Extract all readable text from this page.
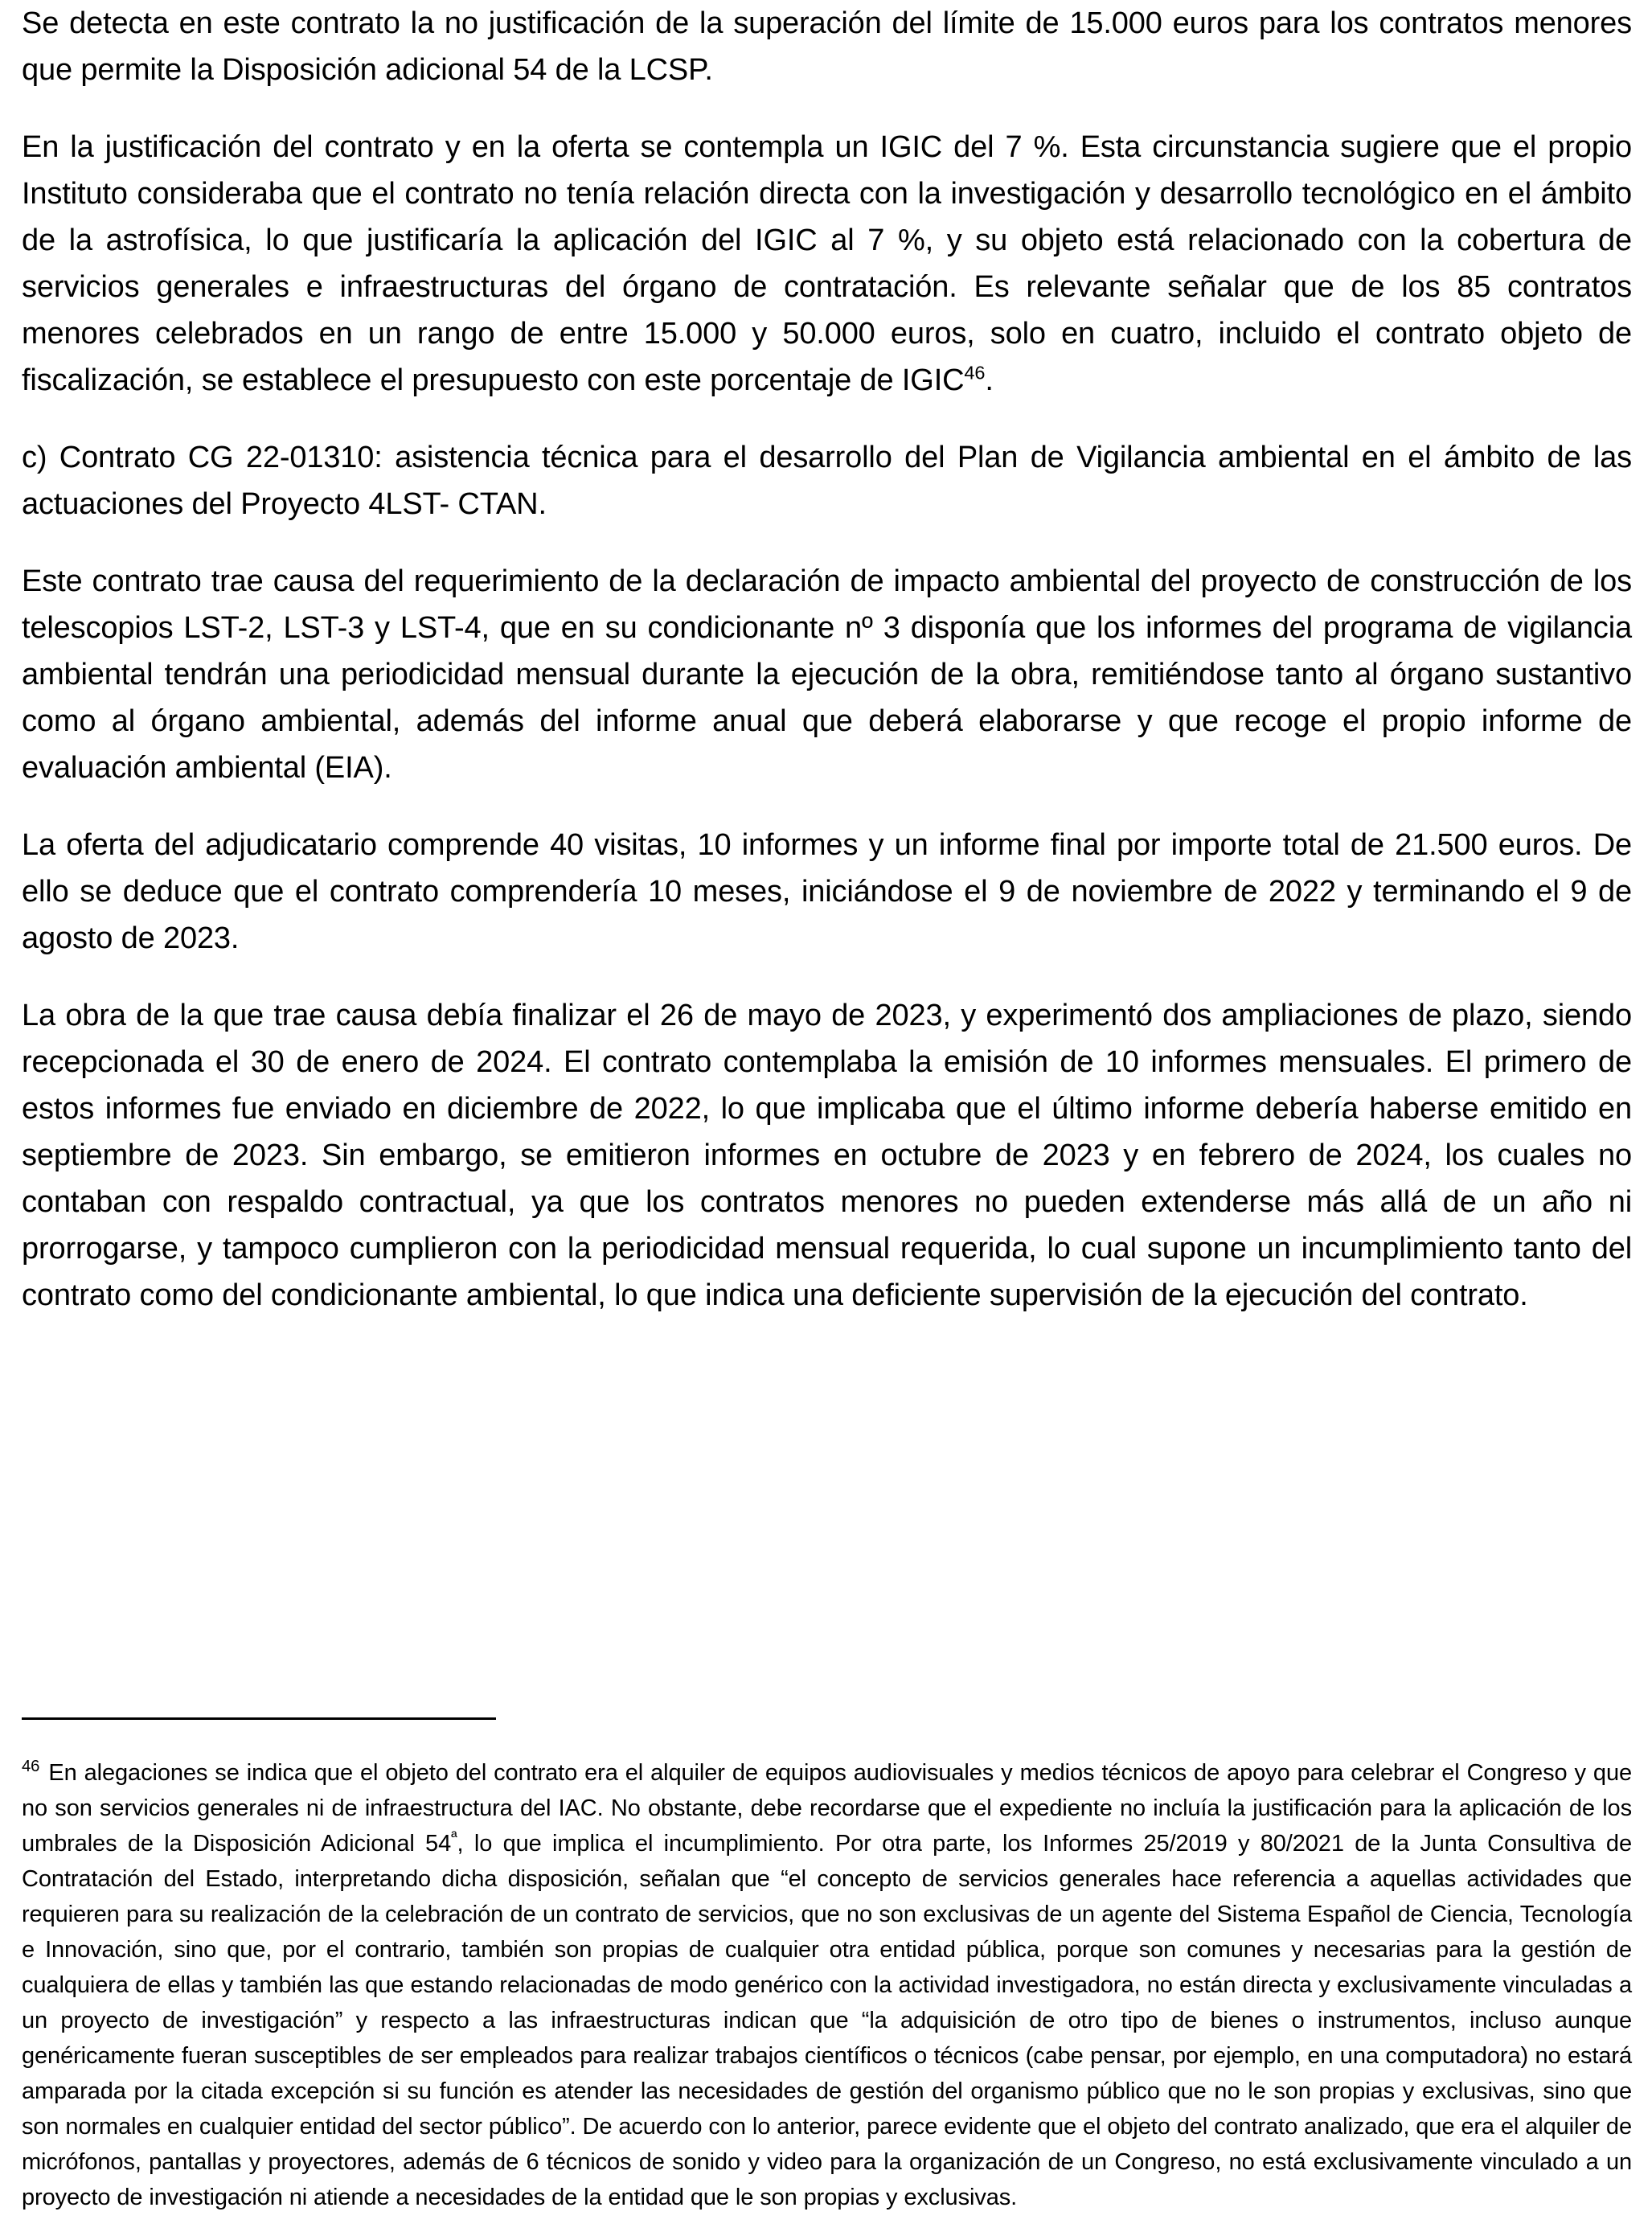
Se detecta en este contrato la no justificación de la superación del límite de 15.000 euros para los contratos menores que permite la Disposición adicional 54 de la LCSP.

En la justificación del contrato y en la oferta se contempla un IGIC del 7 %. Esta circunstancia sugiere que el propio Instituto consideraba que el contrato no tenía relación directa con la investigación y desarrollo tecnológico en el ámbito de la astrofísica, lo que justificaría la aplicación del IGIC al 7 %, y su objeto está relacionado con la cobertura de servicios generales e infraestructuras del órgano de contratación. Es relevante señalar que de los 85 contratos menores celebrados en un rango de entre 15.000 y 50.000 euros, solo en cuatro, incluido el contrato objeto de fiscalización, se establece el presupuesto con este porcentaje de IGIC$^{46}$.

c) Contrato CG 22-01310: asistencia técnica para el desarrollo del Plan de Vigilancia ambiental en el ámbito de las actuaciones del Proyecto 4LST- CTAN.

Este contrato trae causa del requerimiento de la declaración de impacto ambiental del proyecto de construcción de los telescopios LST-2, LST-3 y LST-4, que en su condicionante nº 3 disponía que los informes del programa de vigilancia ambiental tendrán una periodicidad mensual durante la ejecución de la obra, remitiéndose tanto al órgano sustantivo como al órgano ambiental, además del informe anual que deberá elaborarse y que recoge el propio informe de evaluación ambiental (EIA).

La oferta del adjudicatario comprende 40 visitas, 10 informes y un informe final por importe total de 21.500 euros. De ello se deduce que el contrato comprendería 10 meses, iniciándose el 9 de noviembre de 2022 y terminando el 9 de agosto de 2023.

La obra de la que trae causa debía finalizar el 26 de mayo de 2023, y experimentó dos ampliaciones de plazo, siendo recepcionada el 30 de enero de 2024. El contrato contemplaba la emisión de 10 informes mensuales. El primero de estos informes fue enviado en diciembre de 2022, lo que implicaba que el último informe debería haberse emitido en septiembre de 2023. Sin embargo, se emitieron informes en octubre de 2023 y en febrero de 2024, los cuales no contaban con respaldo contractual, ya que los contratos menores no pueden extenderse más allá de un año ni prorrogarse, y tampoco cumplieron con la periodicidad mensual requerida, lo cual supone un incumplimiento tanto del contrato como del condicionante ambiental, lo que indica una deficiente supervisión de la ejecución del contrato.

$^{46}$ En alegaciones se indica que el objeto del contrato era el alquiler de equipos audiovisuales y medios técnicos de apoyo para celebrar el Congreso y que no son servicios generales ni de infraestructura del IAC. No obstante, debe recordarse que el expediente no incluía la justificación para la aplicación de los umbrales de la Disposición Adicional $54^ª$, lo que implica el incumplimiento. Por otra parte, los Informes 25/2019 y 80/2021 de la Junta Consultiva de Contratación del Estado, interpretando dicha disposición, señalan que “el concepto de servicios generales hace referencia a aquellas actividades que requieren para su realización de la celebración de un contrato de servicios, que no son exclusivas de un agente del Sistema Español de Ciencia, Tecnología e Innovación, sino que, por el contrario, también son propias de cualquier otra entidad pública, porque son comunes y necesarias para la gestión de cualquiera de ellas y también las que estando relacionadas de modo genérico con la actividad investigadora, no están directa y exclusivamente vinculadas a un proyecto de investigación” y respecto a las infraestructuras indican que “la adquisición de otro tipo de bienes o instrumentos, incluso aunque genéricamente fueran susceptibles de ser empleados para realizar trabajos científicos o técnicos (cabe pensar, por ejemplo, en una computadora) no estará amparada por la citada excepción si su función es atender las necesidades de gestión del organismo público que no le son propias y exclusivas, sino que son normales en cualquier entidad del sector público”. De acuerdo con lo anterior, parece evidente que el objeto del contrato analizado, que era el alquiler de micrófonos, pantallas y proyectores, además de 6 técnicos de sonido y video para la organización de un Congreso, no está exclusivamente vinculado a un proyecto de investigación ni atiende a necesidades de la entidad que le son propias y exclusivas.
